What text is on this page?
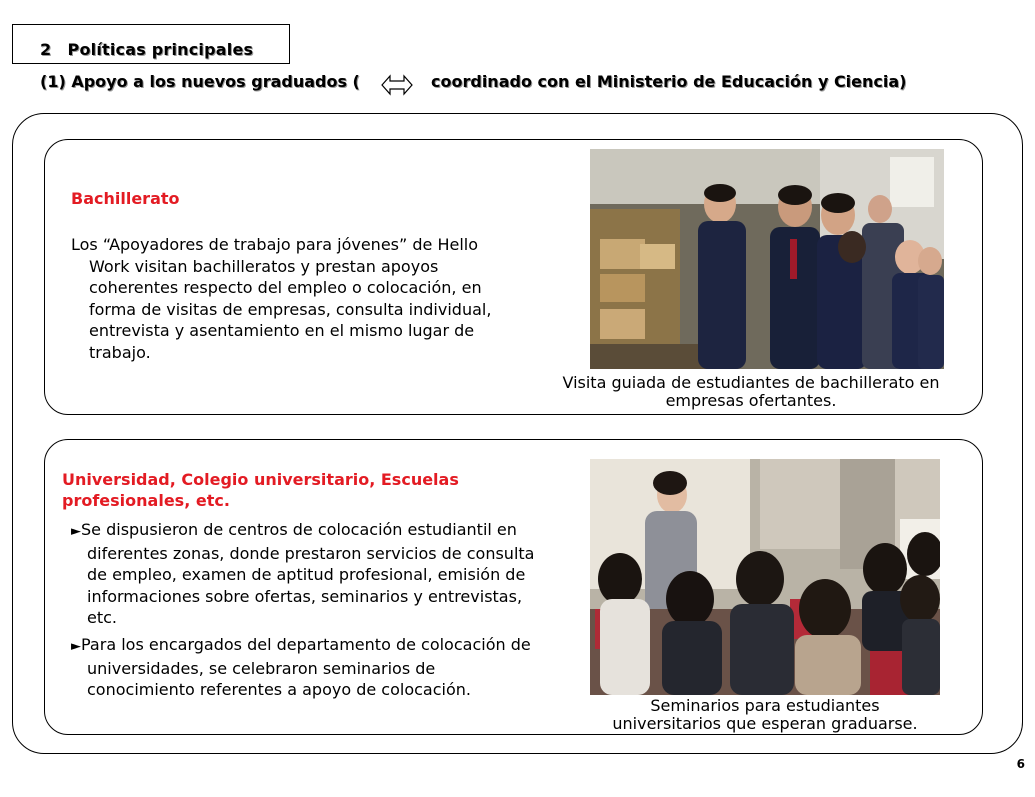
2　Políticas principales
(1) Apoyo a los nuevos graduados (	coordinado con el Ministerio de Educación y Ciencia)
Bachillerato

Los “Apoyadores de trabajo para jóvenes” de Hello Work visitan bachilleratos y prestan apoyos coherentes respecto del empleo o colocación, en forma de visitas de empresas, consulta individual, entrevista y asentamiento en el mismo lugar de trabajo.

Visita guiada de estudiantes de bachillerato en empresas ofertantes.
Universidad, Colegio universitario, Escuelas
profesionales, etc.

►Se dispusieron de centros de colocación estudiantil en diferentes zonas, donde prestaron servicios de consulta de empleo, examen de aptitud profesional, emisión de informaciones sobre ofertas, seminarios y entrevistas, etc.

►Para los encargados del departamento de colocación de universidades, se celebraron seminarios de conocimiento referentes a apoyo de colocación.

Seminarios para estudiantes
universitarios que esperan graduarse.
6
